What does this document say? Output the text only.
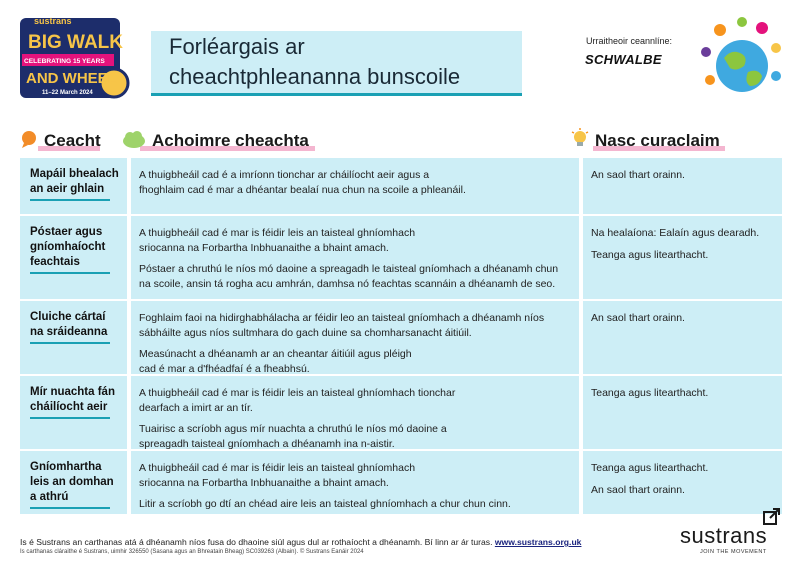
sustrans
BIG WALK
CELEBRATING 15 YEARS
AND WHEEL
11–22 March 2024
Forléargais ar
cheachtphleananna bunscoile
Urraitheoir ceannlíne:
SCHWALBE
Ceacht	Achoimre cheachta	Nasc curaclaim
Mapáil bhealach an aeir ghlain
A thuigbheáil cad é a imríonn tionchar ar cháilíocht aeir agus a fhoghlaim cad é mar a dhéantar bealaí nua chun na scoile a phleanáil.
An saol thart orainn.
Póstaer agus gníomhaíocht feachtais
A thuigbheáil cad é mar is féidir leis an taisteal ghníomhach sriocanna na Forbartha Inbhuanaithe a bhaint amach.
Póstaer a chruthú le níos mó daoine a spreagadh le taisteal gníomhach a dhéanamh chun na scoile, ansin tá rogha acu amhrán, damhsa nó feachtas scannáin a dhéanamh de seo.
Na healaíona: Ealaín agus dearadh.
Teanga agus litearthacht.
Cluiche cártaí na sráideanna
Foghlaim faoi na hidirghabhálacha ar féidir leo an taisteal gníomhach a dhéanamh níos sábháilte agus níos sultmhara do gach duine sa chomharsanacht áitiúil.
Measúnacht a dhéanamh ar an cheantar áitiúil agus pléigh cad é mar a d'fhéadfaí é a fheabhsú.
An saol thart orainn.
Mír nuachta fán cháilíocht aeir
A thuigbheáil cad é mar is féidir leis an taisteal ghníomhach tionchar dearfach a imirt ar an tír.
Tuairisc a scríobh agus mír nuachta a chruthú le níos mó daoine a spreagadh taisteal gníomhach a dhéanamh ina n-aistir.
Teanga agus litearthacht.
Gníomhartha leis an domhan a athrú
A thuigbheáil cad é mar is féidir leis an taisteal ghníomhach sriocanna na Forbartha Inbhuanaithe a bhaint amach.
Litir a scríobh go dtí an chéad aire leis an taisteal ghníomhach a chur chun cinn.
Teanga agus litearthacht.
An saol thart orainn.
Is é Sustrans an carthanas atá á dhéanamh níos fusa do dhaoine siúl agus dul ar rothaíocht a dhéanamh. Bí linn ar ár turas. www.sustrans.org.uk
Is carthanas cláraithe é Sustrans, uimhir 326550 (Sasana agus an Bhreatain Bheag) SC039263 (Albain). © Sustrans Eanáir 2024
sustrans
JOIN THE MOVEMENT
